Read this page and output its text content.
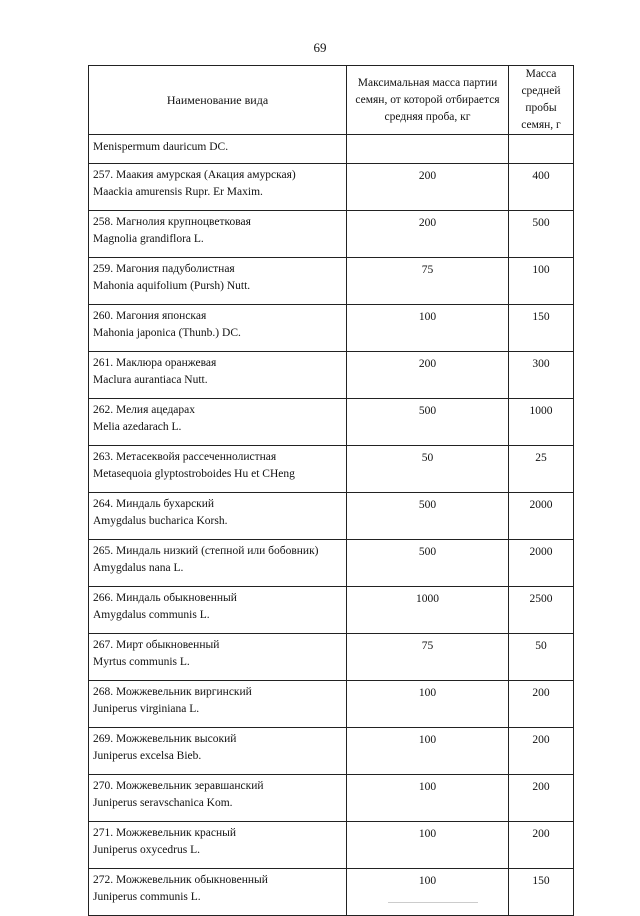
69
Наименование вида	Максимальная масса партии семян, от которой отбирается средняя проба, кг	Масса средней пробы семян, г

Menispermum dauricum DC.		

257. Маакия амурская (Акация амурская)
Maackia amurensis Rupr. Er Maxim.	200	400

258. Магнолия крупноцветковая
Magnolia grandiflora L.	200	500

259. Магония падуболистная
Mahonia aquifolium (Pursh) Nutt.	75	100

260. Магония японская
Mahonia japonica (Thunb.) DC.	100	150

261. Маклюра оранжевая
Maclura aurantiaca Nutt.	200	300

262. Мелия ацедарах
Melia azedarach L.	500	1000

263. Метасеквойя рассеченнолистная
Metasequoia glyptostroboides Hu et CHeng	50	25

264. Миндаль бухарский
Amygdalus bucharica Korsh.	500	2000

265. Миндаль низкий (степной или бобовник)
Amygdalus nana L.	500	2000

266. Миндаль обыкновенный
Amygdalus communis L.	1000	2500

267. Мирт обыкновенный
Myrtus communis L.	75	50

268. Можжевельник виргинский
Juniperus virginiana L.	100	200

269. Можжевельник высокий
Juniperus excelsa Bieb.	100	200

270. Можжевельник зеравшанский
Juniperus seravschanica Kom.	100	200

271. Можжевельник красный
Juniperus oxycedrus L.	100	200

272. Можжевельник обыкновенный
Juniperus communis L.	100	150
